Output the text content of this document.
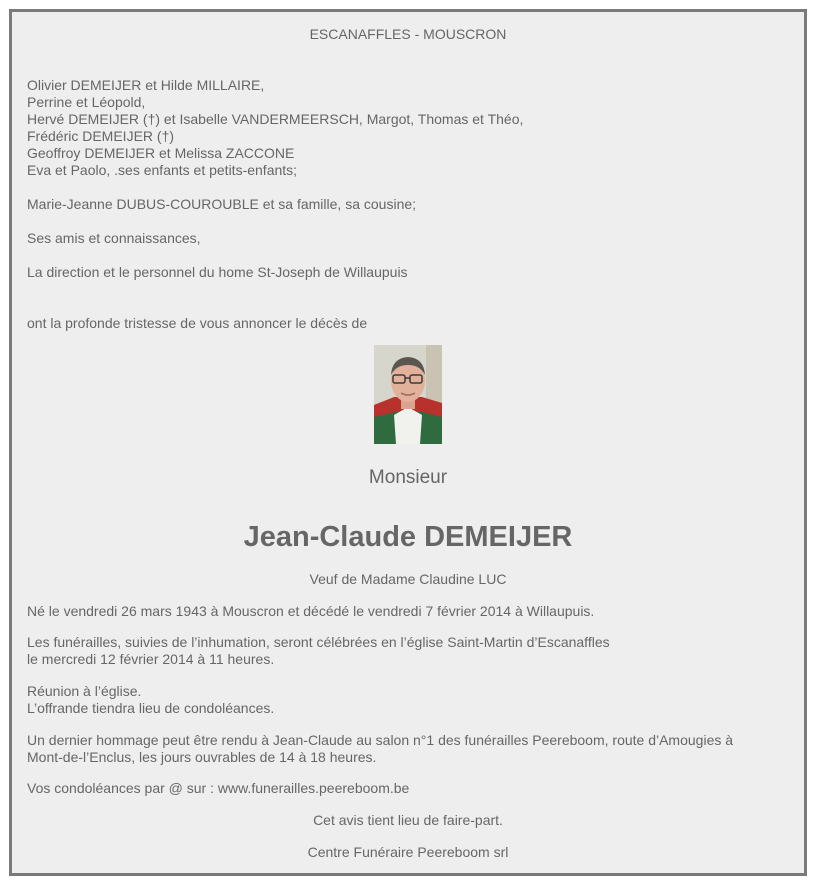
ESCANAFFLES - MOUSCRON
Olivier DEMEIJER et Hilde MILLAIRE,
Perrine et Léopold,
Hervé DEMEIJER (†) et Isabelle VANDERMEERSCH, Margot, Thomas et Théo,
Frédéric DEMEIJER (†)
Geoffroy DEMEIJER et Melissa ZACCONE
Eva et Paolo, .ses enfants et petits-enfants;
Marie-Jeanne DUBUS-COUROUBLE et sa famille, sa cousine;
Ses amis et connaissances,
La direction et le personnel du home St-Joseph de Willaupuis
ont la profonde tristesse de vous annoncer le décès de
Monsieur
Jean-Claude DEMEIJER
Veuf de Madame Claudine LUC
Né le vendredi 26 mars 1943 à Mouscron et décédé le vendredi 7 février 2014 à Willaupuis.
Les funérailles, suivies de l’inhumation, seront célébrées en l’église Saint-Martin d’Escanaffles
le mercredi 12 février 2014 à 11 heures.
Réunion à l’église.
L’offrande tiendra lieu de condoléances.
Un dernier hommage peut être rendu à Jean-Claude au salon n°1 des funérailles Peereboom, route d’Amougies à
Mont-de-l’Enclus, les jours ouvrables de 14 à 18 heures.
Vos condoléances par @ sur : www.funerailles.peereboom.be
Cet avis tient lieu de faire-part.
Centre Funéraire Peereboom srl
